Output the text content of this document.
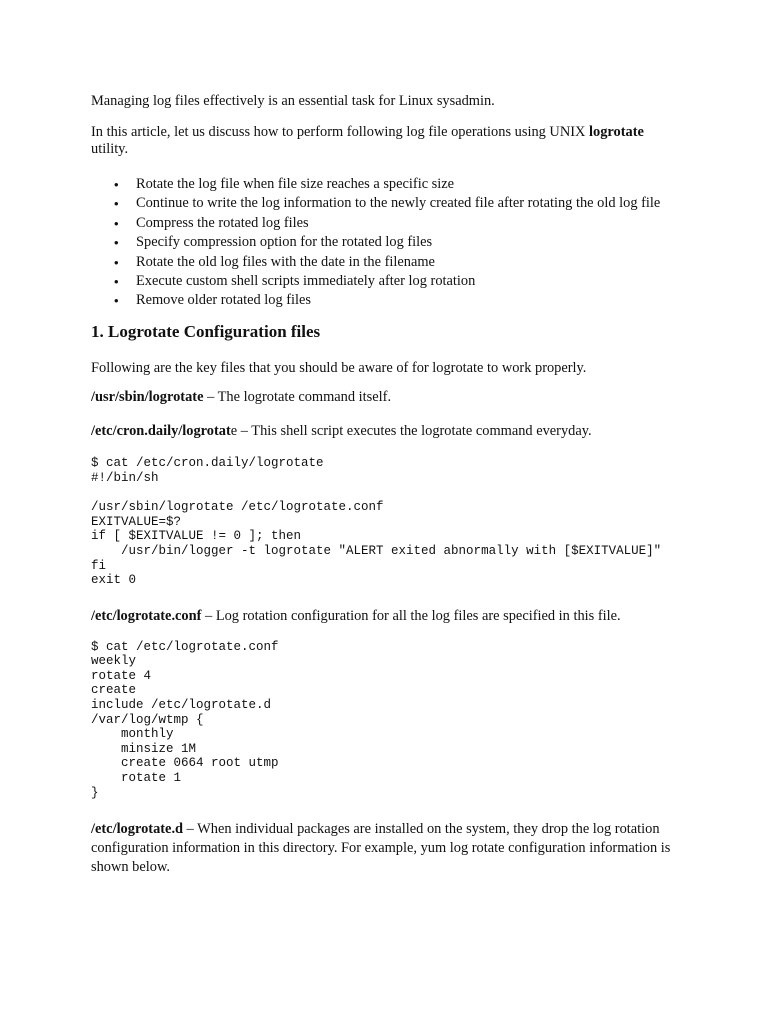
Managing log files effectively is an essential task for Linux sysadmin.

In this article, let us discuss how to perform following log file operations using UNIX logrotate utility.

• Rotate the log file when file size reaches a specific size
• Continue to write the log information to the newly created file after rotating the old log file
• Compress the rotated log files
• Specify compression option for the rotated log files
• Rotate the old log files with the date in the filename
• Execute custom shell scripts immediately after log rotation
• Remove older rotated log files
1. Logrotate Configuration files

Following are the key files that you should be aware of for logrotate to work properly.

/usr/sbin/logrotate – The logrotate command itself.

/etc/cron.daily/logrotate – This shell script executes the logrotate command everyday.

$ cat /etc/cron.daily/logrotate
#!/bin/sh

/usr/sbin/logrotate /etc/logrotate.conf
EXITVALUE=$?
if [ $EXITVALUE != 0 ]; then
/usr/bin/logger -t logrotate "ALERT exited abnormally with [$EXITVALUE]"
fi
exit 0

/etc/logrotate.conf – Log rotation configuration for all the log files are specified in this file.

$ cat /etc/logrotate.conf
weekly
rotate 4
create
include /etc/logrotate.d
/var/log/wtmp {
monthly
minsize 1M
create 0664 root utmp
rotate 1
}

/etc/logrotate.d – When individual packages are installed on the system, they drop the log rotation configuration information in this directory. For example, yum log rotate configuration information is shown below.
